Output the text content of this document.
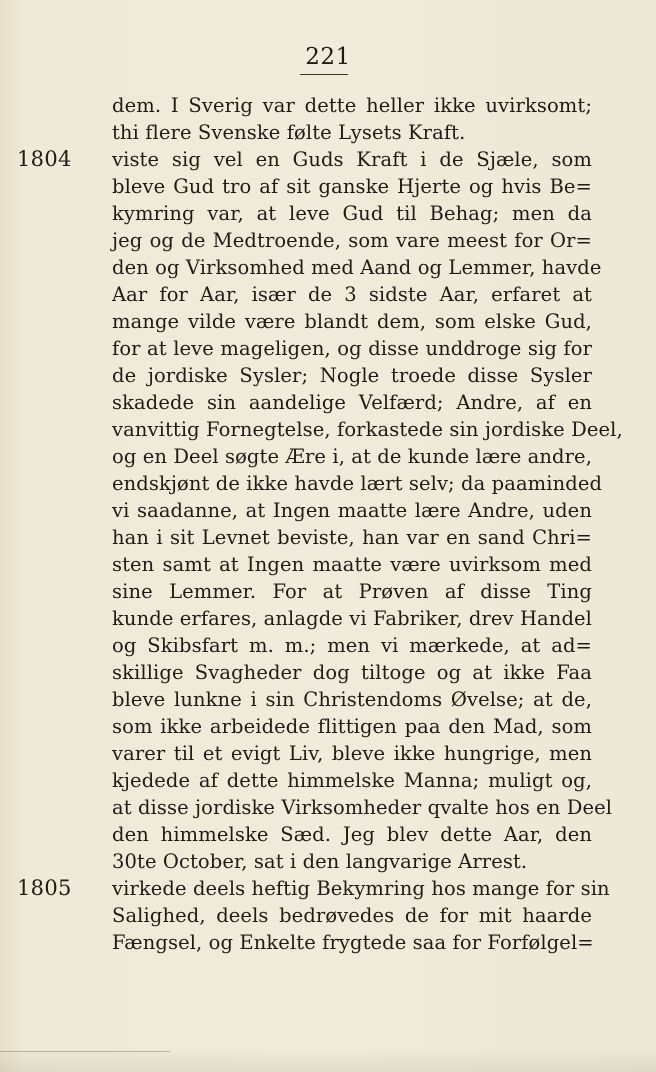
221
dem. I Sverig var dette heller ikke uvirksomt;
thi flere Svenske følte Lysets Kraft.
1804 viste sig vel en Guds Kraft i de Sjæle, som
bleve Gud tro af sit ganske Hjerte og hvis Be=
kymring var, at leve Gud til Behag; men da
jeg og de Medtroende, som vare meest for Or=
den og Virksomhed med Aand og Lemmer, havde
Aar for Aar, især de 3 sidste Aar, erfaret at
mange vilde være blandt dem, som elske Gud,
for at leve mageligen, og disse unddroge sig for
de jordiske Sysler; Nogle troede disse Sysler
skadede sin aandelige Velfærd; Andre, af en
vanvittig Fornegtelse, forkastede sin jordiske Deel,
og en Deel søgte Ære i, at de kunde lære andre,
endskjønt de ikke havde lært selv; da paaminded
vi saadanne, at Ingen maatte lære Andre, uden
han i sit Levnet beviste, han var en sand Chri=
sten samt at Ingen maatte være uvirksom med
sine Lemmer. For at Prøven af disse Ting
kunde erfares, anlagde vi Fabriker, drev Handel
og Skibsfart m. m.; men vi mærkede, at ad=
skillige Svagheder dog tiltoge og at ikke Faa
bleve lunkne i sin Christendoms Øvelse; at de,
som ikke arbeidede flittigen paa den Mad, som
varer til et evigt Liv, bleve ikke hungrige, men
kjedede af dette himmelske Manna; muligt og,
at disse jordiske Virksomheder qvalte hos en Deel
den himmelske Sæd. Jeg blev dette Aar, den
30te October, sat i den langvarige Arrest.
1805 virkede deels heftig Bekymring hos mange for sin
Salighed, deels bedrøvedes de for mit haarde
Fængsel, og Enkelte frygtede saa for Forfølgel=
